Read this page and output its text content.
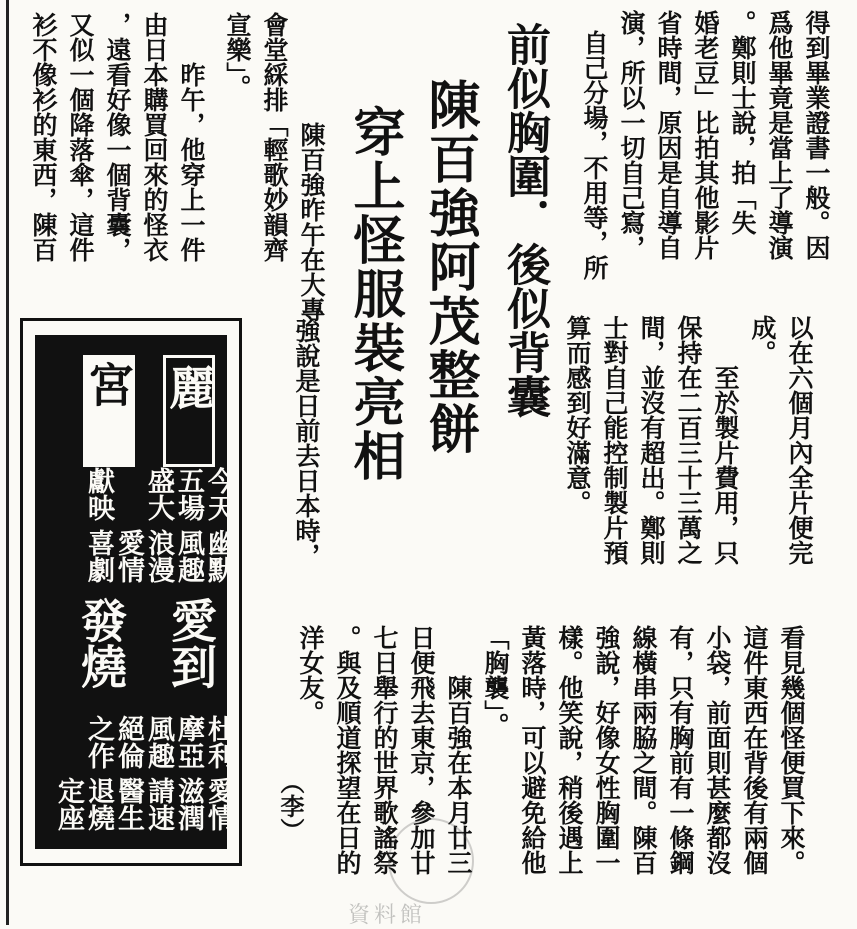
得到畢業證書一般。因
爲他畢竟是當上了導演
。鄭則士說，拍「失
婚老豆」比拍其他影片
省時間，原因是自導自
演，所以一切自己寫，
自己分場，不用等，所
以在六個月內全片便完
成。
　　至於製片費用，只
保持在二百三十三萬之
間，並沒有超出。鄭則
士對自己能控制製片預
算而感到好滿意。
前似胸圍．後似背囊
陳百強阿茂整餅
穿上怪服裝亮相
　　陳百強昨午在大專
會堂綵排「輕歌妙韻齊
宣樂」。
　　昨午，他穿上一件
由日本購買回來的怪衣
，遠看好像一個背囊，
又似一個降落傘，這件
衫不像衫的東西，陳百
強說是日前去日本時，
看見幾個怪便買下來。
這件東西在背後有兩個
小袋，前面則甚麼都沒
有，只有胸前有一條鋼
線橫串兩脇之間。陳百
強說，好像女性胸圍一
樣。他笑說，稍後遇上
黃落時，可以避免給他
「胸襲」。
　　陳百強在本月廿三
日便飛去東京，參加廿
七日舉行的世界歌謠祭
。與及順道探望在日的
洋女友。
（李）
麗
宮
今天
幽默
五場
風趣
盛大
浪漫
獻映
愛情
喜劇
愛到
發燒
杜利
愛情
摩亞
滋潤
風趣
絕倫
醫生 請速
之作
退燒
定座
資料館
